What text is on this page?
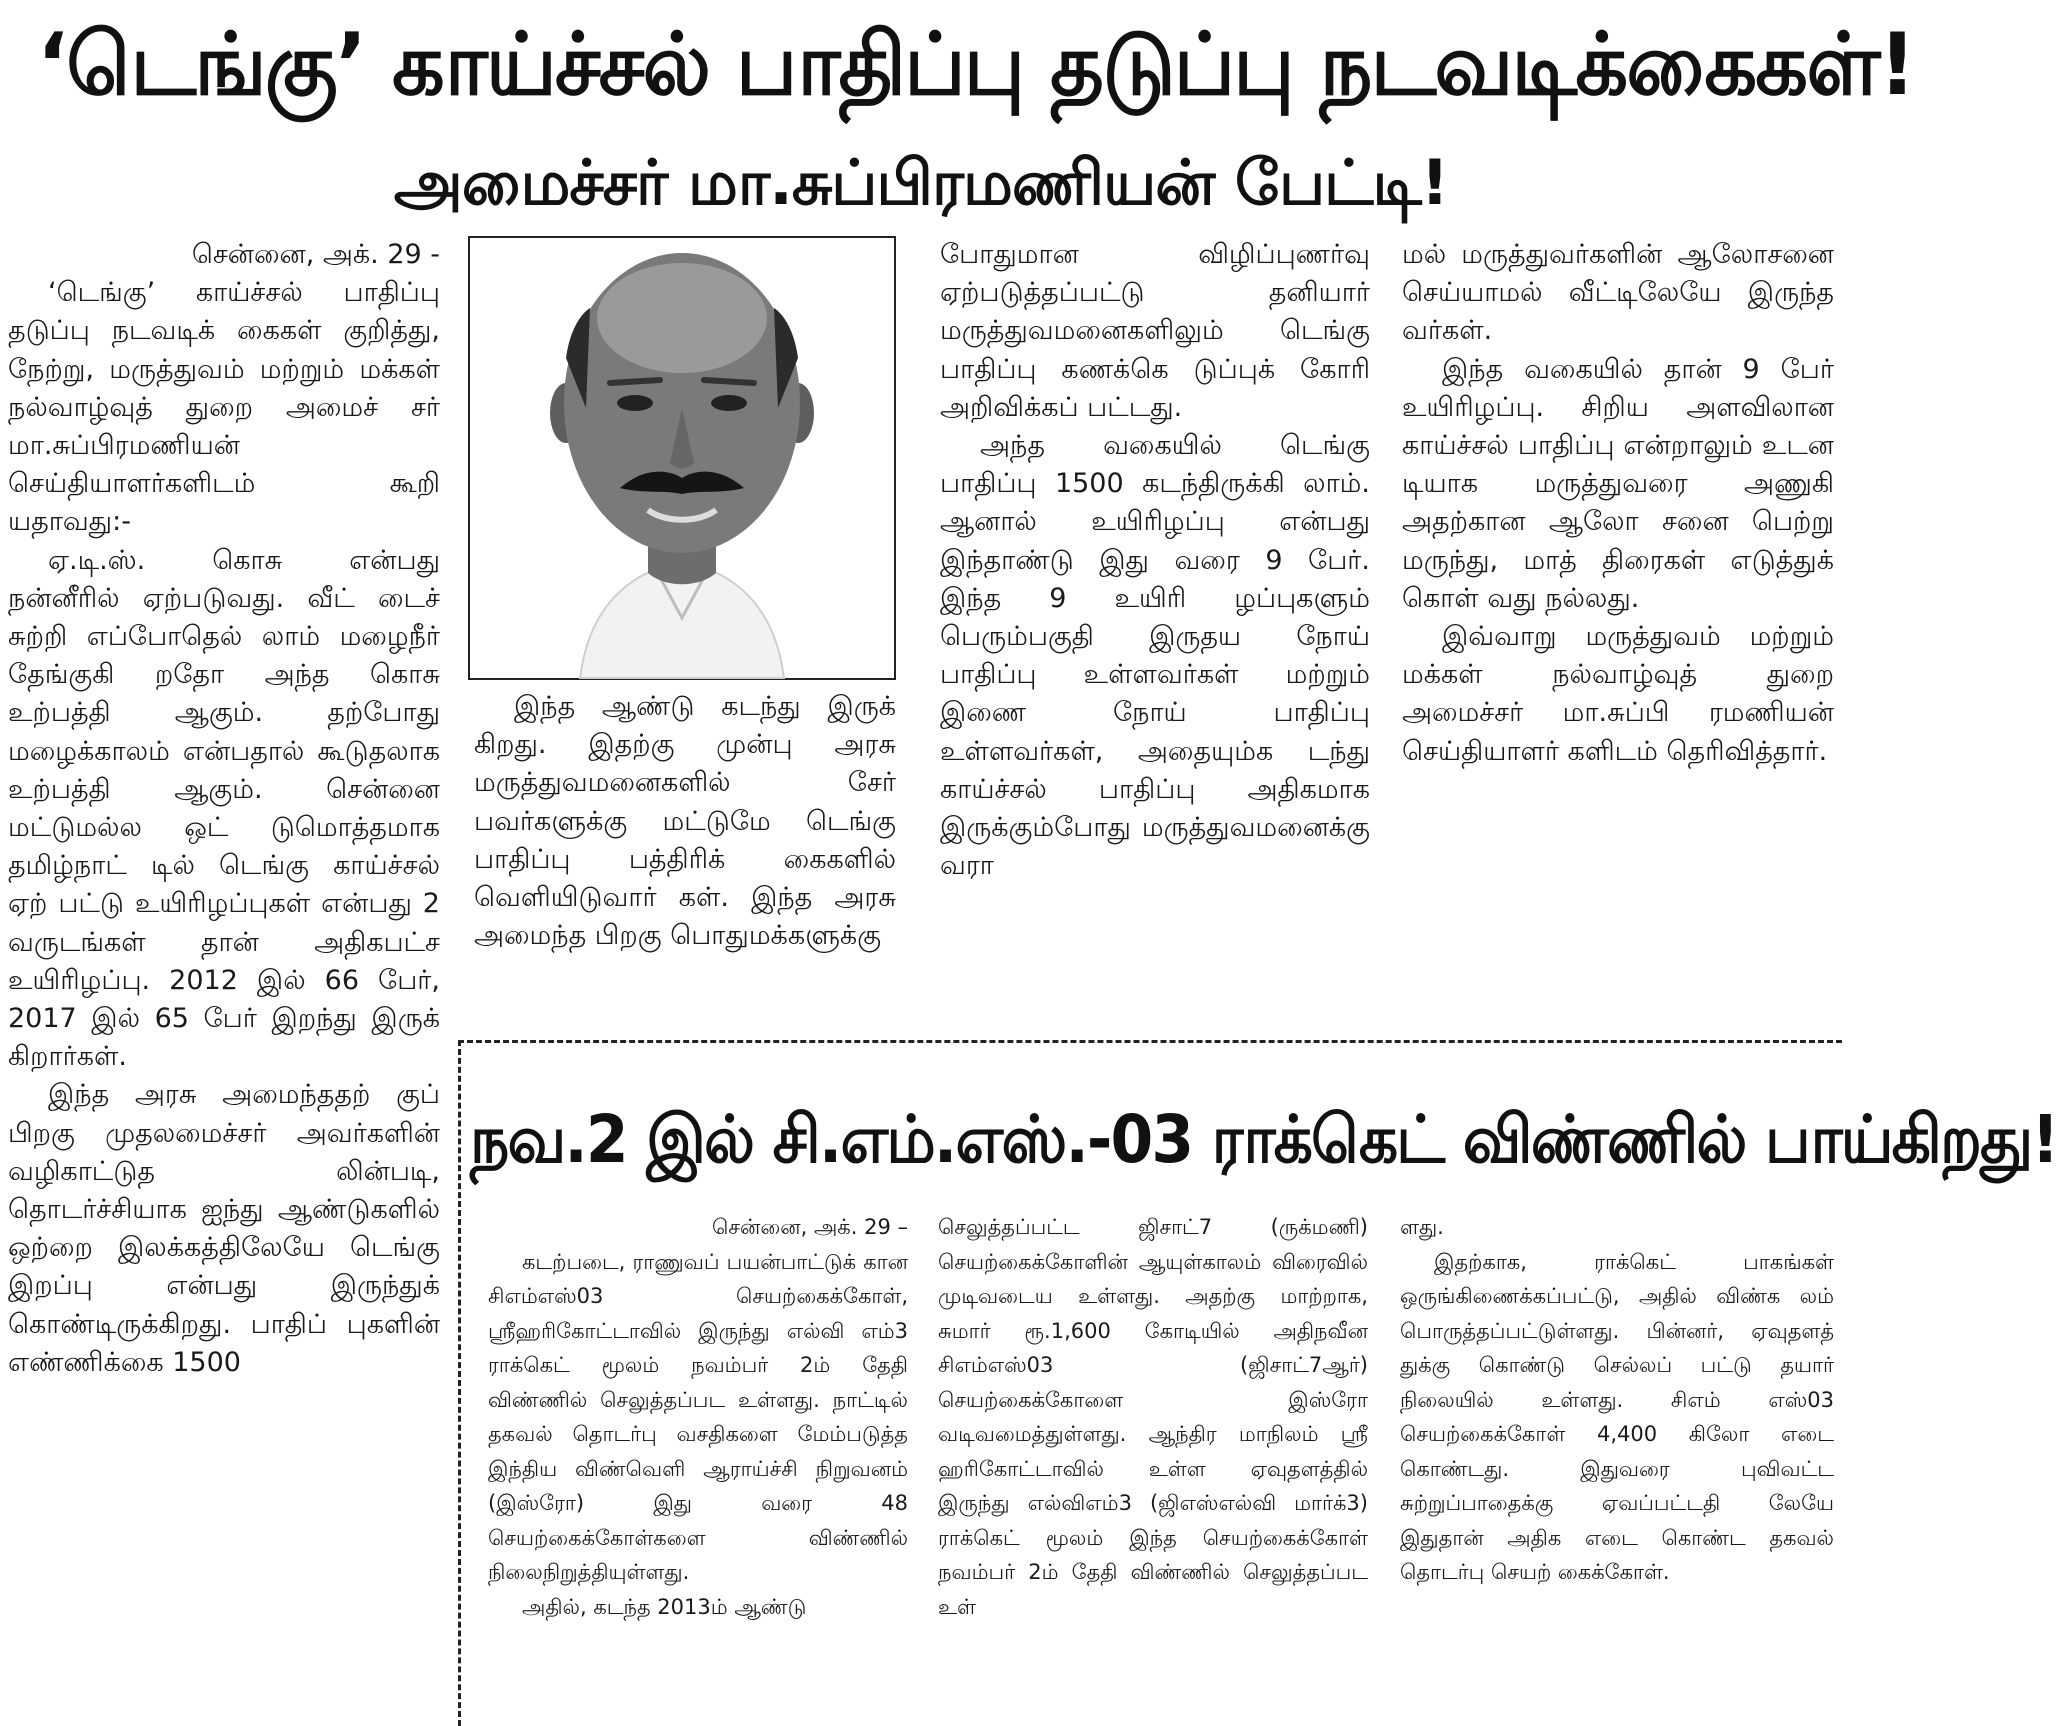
‘டெங்கு’ காய்ச்சல் பாதிப்பு தடுப்பு நடவடிக்கைகள்!
அமைச்சர் மா.சுப்பிரமணியன் பேட்டி!

சென்னை, அக். 29 -

‘டெங்கு’ காய்ச்சல் பாதிப்பு தடுப்பு நடவடிக் கைகள் குறித்து, நேற்று, மருத்துவம் மற்றும் மக்கள் நல்வாழ்வுத் துறை அமைச் சர் மா.சுப்பிரமணியன் செய்தியாளர்களிடம் கூறி யதாவது:-

ஏ.டி.ஸ். கொசு என்பது நன்னீரில் ஏற்படுவது. வீட் டைச் சுற்றி எப்போதெல் லாம் மழைநீர் தேங்குகி றதோ அந்த கொசு உற்பத்தி ஆகும். தற்போது மழைக்காலம் என்பதால் கூடுதலாக உற்பத்தி ஆகும். சென்னை மட்டுமல்ல ஒட் டுமொத்தமாக தமிழ்நாட் டில் டெங்கு காய்ச்சல் ஏற் பட்டு உயிரிழப்புகள் என்பது 2 வருடங்கள் தான் அதிகபட்ச உயிரிழப்பு. 2012 இல் 66 பேர், 2017 இல் 65 பேர் இறந்து இருக் கிறார்கள்.

இந்த அரசு அமைந்ததற் குப் பிறகு முதலமைச்சர் அவர்களின் வழிகாட்டுத லின்படி, தொடர்ச்சியாக ஐந்து ஆண்டுகளில் ஒற்றை இலக்கத்திலேயே டெங்கு இறப்பு என்பது இருந்துக் கொண்டிருக்கிறது. பாதிப் புகளின் எண்ணிக்கை 1500

இந்த ஆண்டு கடந்து இருக் கிறது. இதற்கு முன்பு அரசு மருத்துவமனைகளில் சேர் பவர்களுக்கு மட்டுமே டெங்கு பாதிப்பு பத்திரிக் கைகளில் வெளியிடுவார் கள். இந்த அரசு அமைந்த பிறகு பொதுமக்களுக்கு

போதுமான விழிப்புணர்வு ஏற்படுத்தப்பட்டு தனியார் மருத்துவமனைகளிலும் டெங்கு பாதிப்பு கணக்கெ டுப்புக் கோரி அறிவிக்கப் பட்டது.

அந்த வகையில் டெங்கு பாதிப்பு 1500 கடந்திருக்கி லாம். ஆனால் உயிரிழப்பு என்பது இந்தாண்டு இது வரை 9 பேர். இந்த 9 உயிரி ழப்புகளும் பெரும்பகுதி இருதய நோய் பாதிப்பு உள்ளவர்கள் மற்றும் இணை நோய் பாதிப்பு உள்ளவர்கள், அதையும்க டந்து காய்ச்சல் பாதிப்பு அதிகமாக இருக்கும்போது மருத்துவமனைக்கு வரா

மல் மருத்துவர்களின் ஆலோசனை செய்யாமல் வீட்டிலேயே இருந்த வர்கள்.

இந்த வகையில் தான் 9 பேர் உயிரிழப்பு. சிறிய அளவிலான காய்ச்சல் பாதிப்பு என்றாலும் உடன டியாக மருத்துவரை அணுகி அதற்கான ஆலோ சனை பெற்று மருந்து, மாத் திரைகள் எடுத்துக் கொள் வது நல்லது.

இவ்வாறு மருத்துவம் மற்றும் மக்கள் நல்வாழ்வுத் துறை அமைச்சர் மா.சுப்பி ரமணியன் செய்தியாளர் களிடம் தெரிவித்தார்.

நவ.2 இல் சி.எம்.எஸ்.-03 ராக்கெட் விண்ணில் பாய்கிறது!

சென்னை, அக். 29 –

கடற்படை, ராணுவப் பயன்பாட்டுக் கான சிஎம்எஸ்03 செயற்கைக்கோள், ஸ்ரீஹரிகோட்டாவில் இருந்து எல்வி எம்3 ராக்கெட் மூலம் நவம்பர் 2ம் தேதி விண்ணில் செலுத்தப்பட உள்ளது. நாட்டில் தகவல் தொடர்பு வசதிகளை மேம்படுத்த இந்திய விண்வெளி ஆராய்ச்சி நிறுவனம் (இஸ்ரோ) இது வரை 48 செயற்கைக்கோள்களை விண்ணில் நிலைநிறுத்தியுள்ளது.

அதில், கடந்த 2013ம் ஆண்டு

செலுத்தப்பட்ட ஜிசாட்7 (ருக்மணி) செயற்கைக்கோளின் ஆயுள்காலம் விரைவில் முடிவடைய உள்ளது. அதற்கு மாற்றாக, சுமார் ரூ.1,600 கோடியில் அதிநவீன சிஎம்எஸ்03 (ஜிசாட்7ஆர்) செயற்கைக்கோளை இஸ்ரோ வடிவமைத்துள்ளது. ஆந்திர மாநிலம் ஸ்ரீ ஹரிகோட்டாவில் உள்ள ஏவுதளத்தில் இருந்து எல்விஎம்3 (ஜிஎஸ்எல்வி மார்க்3) ராக்கெட் மூலம் இந்த செயற்கைக்கோள் நவம்பர் 2ம் தேதி விண்ணில் செலுத்தப்பட உள்

ளது.

இதற்காக, ராக்கெட் பாகங்கள் ஒருங்கிணைக்கப்பட்டு, அதில் விண்க லம் பொருத்தப்பட்டுள்ளது. பின்னர், ஏவுதளத் துக்கு கொண்டு செல்லப் பட்டு தயார் நிலையில் உள்ளது. சிஎம் எஸ்03 செயற்கைக்கோள் 4,400 கிலோ எடை கொண்டது. இதுவரை புவிவட்ட சுற்றுப்பாதைக்கு ஏவப்பட்டதி லேயே இதுதான் அதிக எடை கொண்ட தகவல் தொடர்பு செயற் கைக்கோள்.
